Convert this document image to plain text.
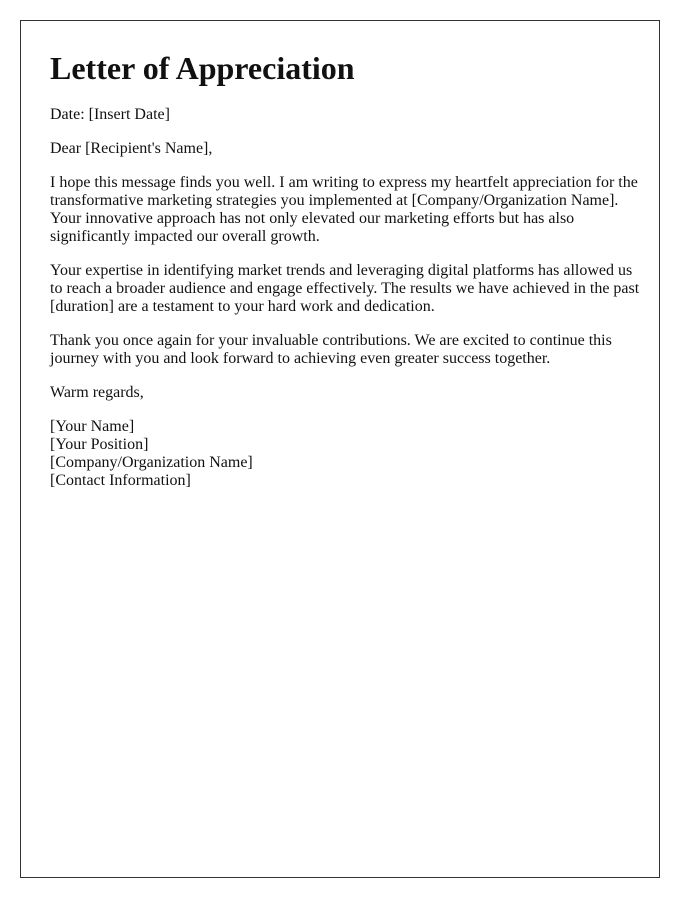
Letter of Appreciation

Date: [Insert Date]

Dear [Recipient's Name],

I hope this message finds you well. I am writing to express my heartfelt appreciation for the transformative marketing strategies you implemented at [Company/Organization Name]. Your innovative approach has not only elevated our marketing efforts but has also significantly impacted our overall growth.

Your expertise in identifying market trends and leveraging digital platforms has allowed us to reach a broader audience and engage effectively. The results we have achieved in the past [duration] are a testament to your hard work and dedication.

Thank you once again for your invaluable contributions. We are excited to continue this journey with you and look forward to achieving even greater success together.

Warm regards,

[Your Name]
[Your Position]
[Company/Organization Name]
[Contact Information]
